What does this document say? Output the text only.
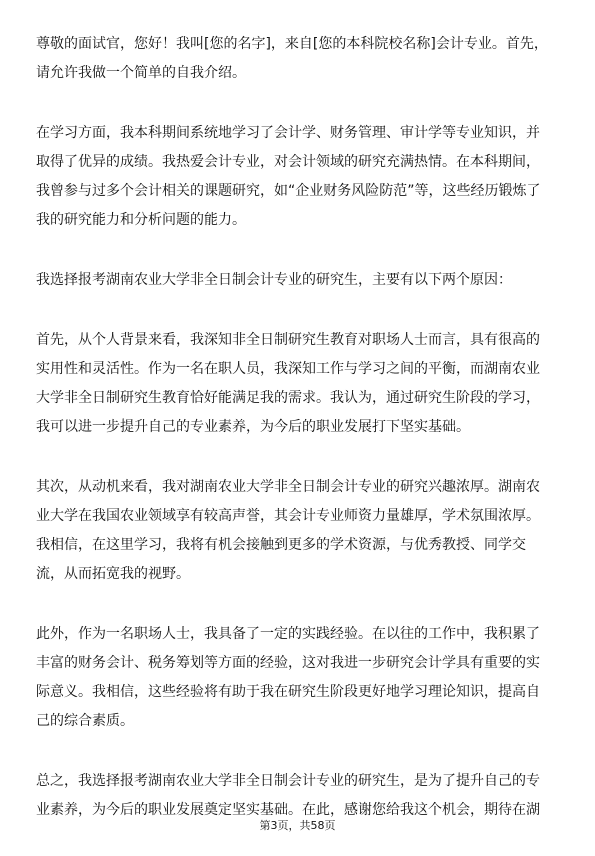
尊敬的面试官，您好！我叫[您的名字]，来自[您的本科院校名称]会计专业。首先，
请允许我做一个简单的自我介绍。

在学习方面，我本科期间系统地学习了会计学、财务管理、审计学等专业知识，并
取得了优异的成绩。我热爱会计专业，对会计领域的研究充满热情。在本科期间，
我曾参与过多个会计相关的课题研究，如“企业财务风险防范”等，这些经历锻炼了
我的研究能力和分析问题的能力。

我选择报考湖南农业大学非全日制会计专业的研究生，主要有以下两个原因：

首先，从个人背景来看，我深知非全日制研究生教育对职场人士而言，具有很高的
实用性和灵活性。作为一名在职人员，我深知工作与学习之间的平衡，而湖南农业
大学非全日制研究生教育恰好能满足我的需求。我认为，通过研究生阶段的学习，
我可以进一步提升自己的专业素养，为今后的职业发展打下坚实基础。

其次，从动机来看，我对湖南农业大学非全日制会计专业的研究兴趣浓厚。湖南农
业大学在我国农业领域享有较高声誉，其会计专业师资力量雄厚，学术氛围浓厚。
我相信，在这里学习，我将有机会接触到更多的学术资源，与优秀教授、同学交
流，从而拓宽我的视野。

此外，作为一名职场人士，我具备了一定的实践经验。在以往的工作中，我积累了
丰富的财务会计、税务筹划等方面的经验，这对我进一步研究会计学具有重要的实
际意义。我相信，这些经验将有助于我在研究生阶段更好地学习理论知识，提高自
己的综合素质。

总之，我选择报考湖南农业大学非全日制会计专业的研究生，是为了提升自己的专
业素养，为今后的职业发展奠定坚实基础。在此，感谢您给我这个机会，期待在湖

第3页，共58页
